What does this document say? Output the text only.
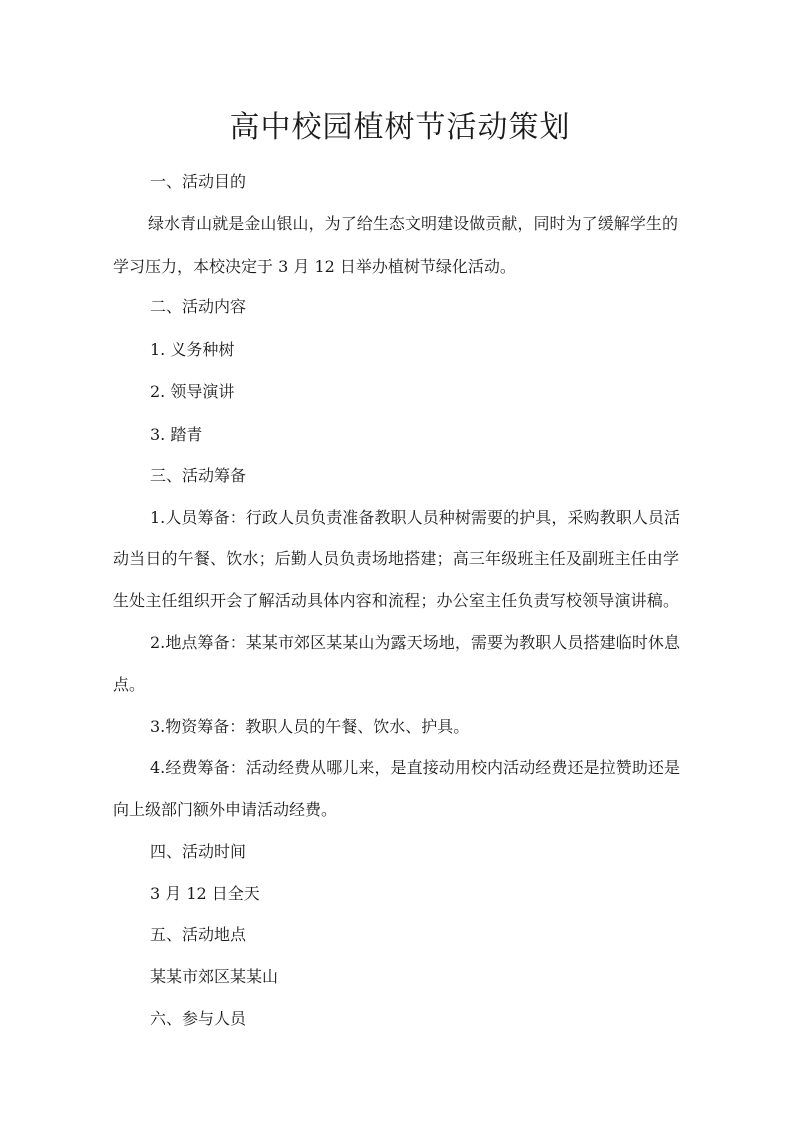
高中校园植树节活动策划
一、活动目的
绿水青山就是金山银山，为了给生态文明建设做贡献，同时为了缓解学生的
学习压力，本校决定于 3 月 12 日举办植树节绿化活动。
二、活动内容
1. 义务种树
2. 领导演讲
3. 踏青
三、活动筹备
1.人员筹备：行政人员负责准备教职人员种树需要的护具，采购教职人员活
动当日的午餐、饮水；后勤人员负责场地搭建；高三年级班主任及副班主任由学
生处主任组织开会了解活动具体内容和流程；办公室主任负责写校领导演讲稿。
2.地点筹备：某某市郊区某某山为露天场地，需要为教职人员搭建临时休息
点。
3.物资筹备：教职人员的午餐、饮水、护具。
4.经费筹备：活动经费从哪儿来，是直接动用校内活动经费还是拉赞助还是
向上级部门额外申请活动经费。
四、活动时间
3 月 12 日全天
五、活动地点
某某市郊区某某山
六、参与人员
